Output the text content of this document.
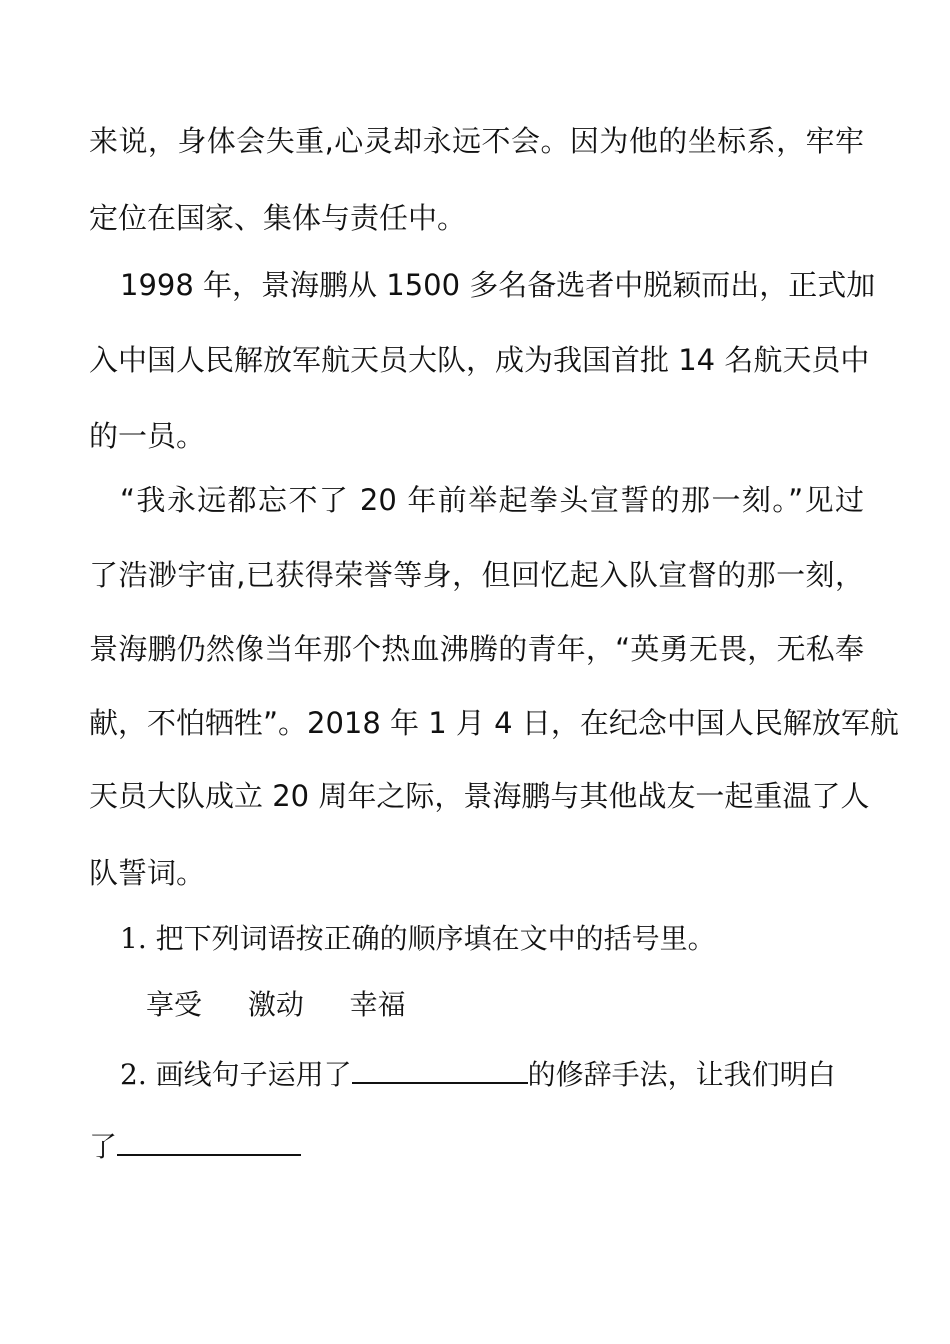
来说，身体会失重,心灵却永远不会。因为他的坐标系，牢牢
定位在国家、集体与责任中。
1998 年，景海鹏从 1500 多名备选者中脱颖而出，正式加
入中国人民解放军航天员大队，成为我国首批 14 名航天员中
的一员。
“我永远都忘不了 20 年前举起拳头宣誓的那一刻。”见过
了浩渺宇宙,已获得荣誉等身，但回忆起入队宣督的那一刻，
景海鹏仍然像当年那个热血沸腾的青年，“英勇无畏，无私奉
献，不怕牺牲”。2018 年 1 月 4 日，在纪念中国人民解放军航
天员大队成立 20 周年之际，景海鹏与其他战友一起重温了人
队誓词。
1. 把下列词语按正确的顺序填在文中的括号里。
享受 激动 幸福
2. 画线句子运用了	的修辞手法，让我们明白
了
